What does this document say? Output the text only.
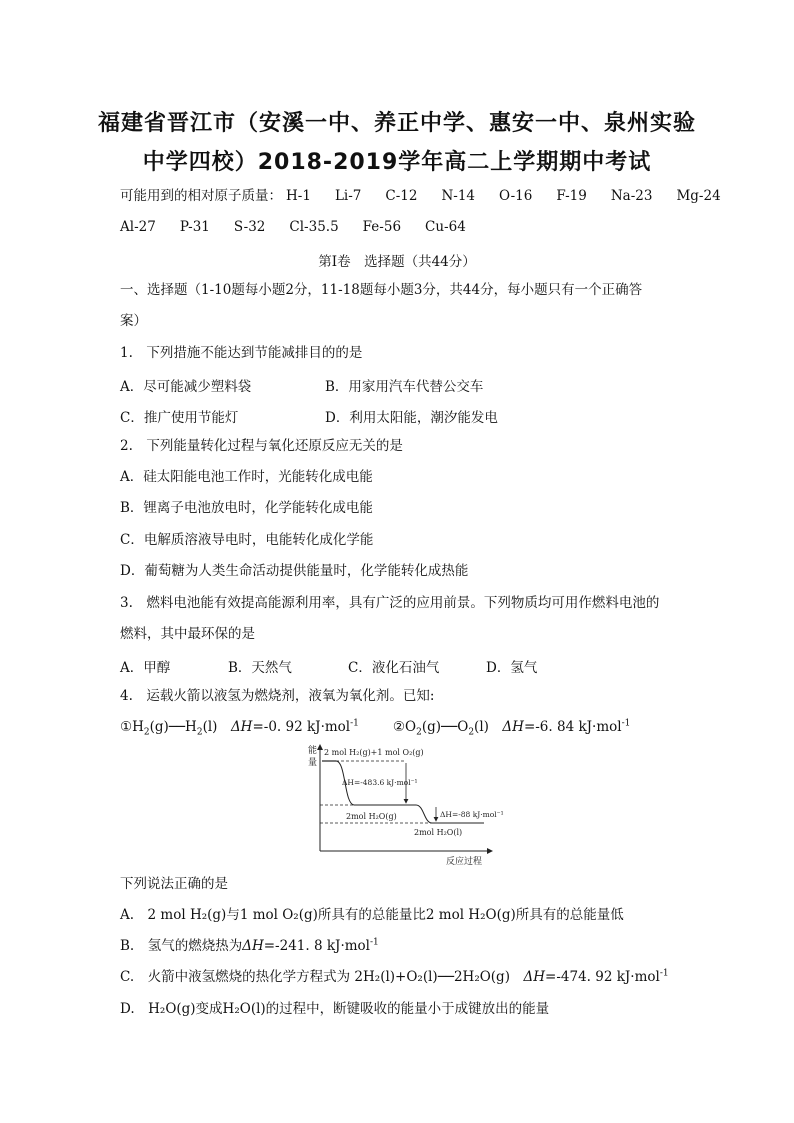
福建省晋江市（安溪一中、养正中学、惠安一中、泉州实验
中学四校）2018-2019学年高二上学期期中考试
可能用到的相对原子质量： H-1 Li-7 C-12 N-14 O-16 F-19 Na-23 Mg-24
Al-27 P-31 S-32 Cl-35.5 Fe-56 Cu-64
第Ⅰ卷　选择题（共44分）
一、选择题（1-10题每小题2分，11-18题每小题3分，共44分，每小题只有一个正确答
案）
1.　下列措施不能达到节能减排目的的是
A．尽可能减少塑料袋	B．用家用汽车代替公交车
C．推广使用节能灯	D．利用太阳能，潮汐能发电
2.　下列能量转化过程与氧化还原反应无关的是
A．硅太阳能电池工作时，光能转化成电能
B．锂离子电池放电时，化学能转化成电能
C．电解质溶液导电时，电能转化成化学能
D．葡萄糖为人类生命活动提供能量时，化学能转化成热能
3.　燃料电池能有效提高能源利用率，具有广泛的应用前景。下列物质均可用作燃料电池的
燃料，其中最环保的是
A．甲醇	B．天然气	C．液化石油气	D．氢气
4.　运载火箭以液氢为燃烧剂，液氧为氧化剂。已知:
$①H_2(g)──H_2(l)$　ΔH=-0. 92 kJ·mol$^{-1}$	$②O_2(g)──O_2(l)$　ΔH=-6. 84 kJ·mol$^{-1}$
能
量
2 mol H₂(g)+1 mol O₂(g)
2mol H₂O(g)
ΔH=-483.6 kJ·mol⁻¹
2mol H₂O(l)
ΔH=-88 kJ·mol⁻¹
反应过程
下列说法正确的是
A.　2 mol H₂(g)与1 mol O₂(g)所具有的总能量比2 mol H₂O(g)所具有的总能量低
B.　氢气的燃烧热为ΔH=-241. 8 kJ·mol$^{-1}$
C.　火箭中液氢燃烧的热化学方程式为 2H₂(l)+O₂(l)──2H₂O(g)　ΔH=-474. 92 kJ·mol$^{-1}$
D.　H₂O(g)变成H₂O(l)的过程中，断键吸收的能量小于成键放出的能量
